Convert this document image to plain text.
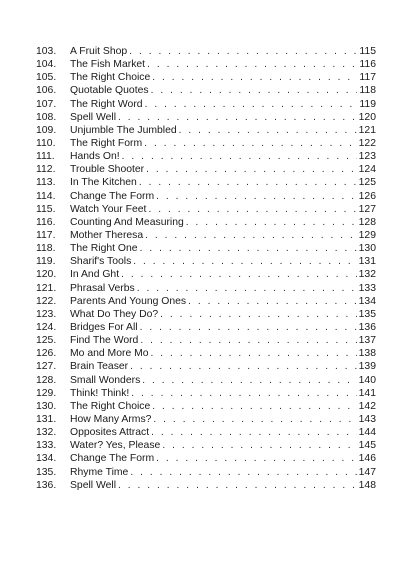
103.	A Fruit Shop . . .	115
104.	The Fish Market . . .	116
105.	The Right Choice . . .	117
106.	Quotable Quotes . . .	118
107.	The Right Word . . .	119
108.	Spell Well . . .	120
109.	Unjumble The Jumbled . . .	121
110.	The Right Form . . .	122
111.	Hands On! . . .	123
112.	Trouble Shooter . . .	124
113.	In The Kitchen . . .	125
114.	Change The Form . . .	126
115.	Watch Your Feet . . .	127
116.	Counting And Measuring . . .	128
117.	Mother Theresa . . .	129
118.	The Right One . . .	130
119.	Sharif's Tools . . .	131
120.	In And Ght . . .	132
121.	Phrasal Verbs . . .	133
122.	Parents And Young Ones . . .	134
123.	What Do They Do? . . .	135
124.	Bridges For All . . .	136
125.	Find The Word . . .	137
126.	Mo and More Mo . . .	138
127.	Brain Teaser . . .	139
128.	Small Wonders . . .	140
129.	Think! Think! . . .	141
130.	The Right Choice . . .	142
131.	How Many Arms? . . .	143
132.	Opposites Attract . . .	144
133.	Water? Yes, Please . . .	145
134.	Change The Form . . .	146
135.	Rhyme Time . . .	147
136.	Spell Well . . .	148
